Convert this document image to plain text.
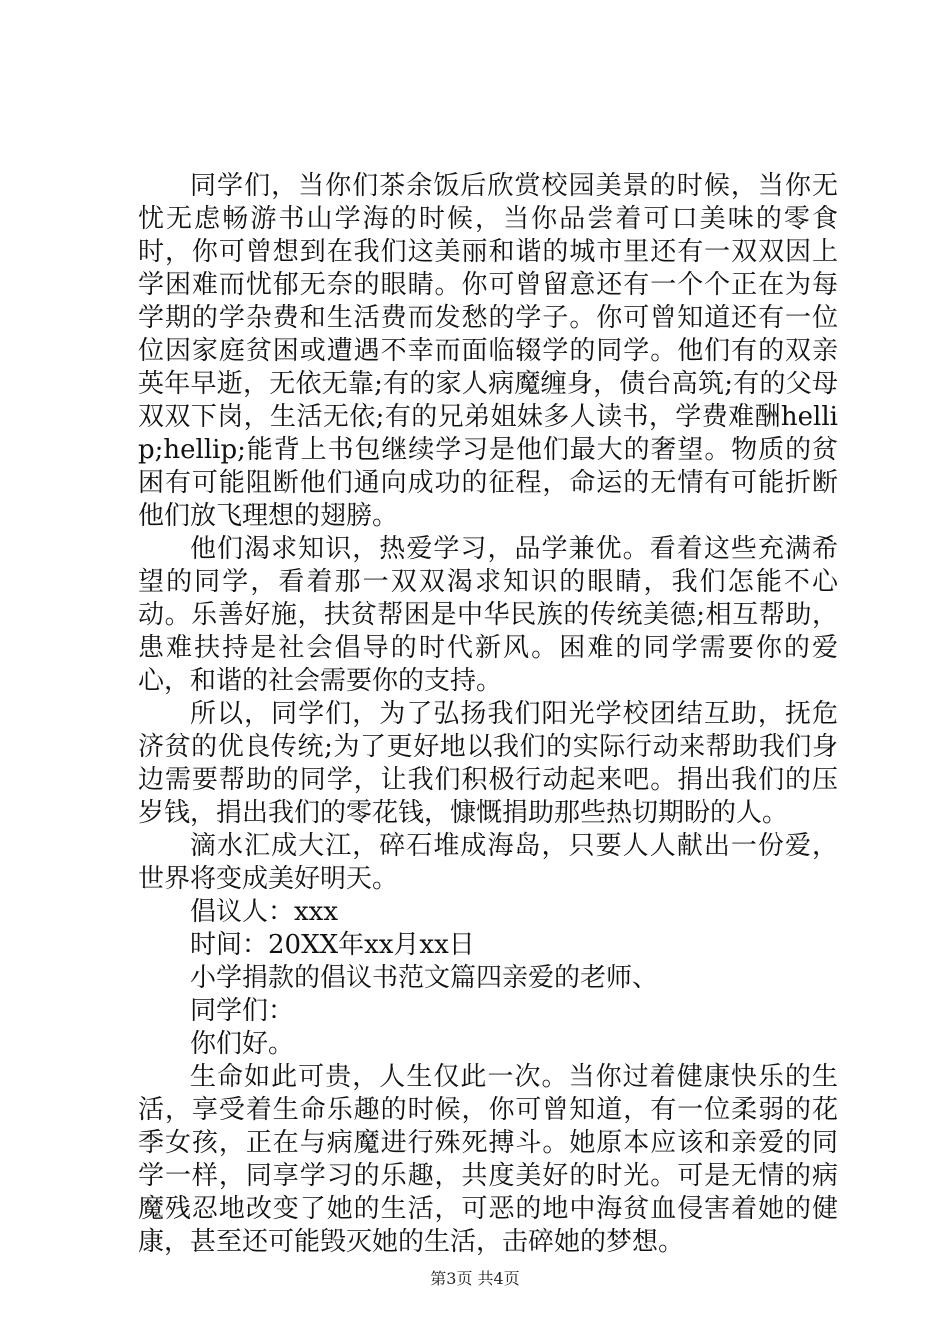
同学们，当你们茶余饭后欣赏校园美景的时候，当你无忧无虑畅游书山学海的时候，当你品尝着可口美味的零食时，你可曾想到在我们这美丽和谐的城市里还有一双双因上学困难而忧郁无奈的眼睛。你可曾留意还有一个个正在为每学期的学杂费和生活费而发愁的学子。你可曾知道还有一位位因家庭贫困或遭遇不幸而面临辍学的同学。他们有的双亲英年早逝，无依无靠;有的家人病魔缠身，债台高筑;有的父母双双下岗，生活无依;有的兄弟姐妹多人读书，学费难酬hellip;hellip;能背上书包继续学习是他们最大的奢望。物质的贫困有可能阻断他们通向成功的征程，命运的无情有可能折断他们放飞理想的翅膀。

他们渴求知识，热爱学习，品学兼优。看着这些充满希望的同学，看着那一双双渴求知识的眼睛，我们怎能不心动。乐善好施，扶贫帮困是中华民族的传统美德;相互帮助，患难扶持是社会倡导的时代新风。困难的同学需要你的爱心，和谐的社会需要你的支持。

所以，同学们，为了弘扬我们阳光学校团结互助，抚危济贫的优良传统;为了更好地以我们的实际行动来帮助我们身边需要帮助的同学，让我们积极行动起来吧。捐出我们的压岁钱，捐出我们的零花钱，慷慨捐助那些热切期盼的人。

滴水汇成大江，碎石堆成海岛，只要人人献出一份爱，世界将变成美好明天。

倡议人：xxx

时间：20XX年xx月xx日

小学捐款的倡议书范文篇四亲爱的老师、

同学们：

你们好。

生命如此可贵，人生仅此一次。当你过着健康快乐的生活，享受着生命乐趣的时候，你可曾知道，有一位柔弱的花季女孩，正在与病魔进行殊死搏斗。她原本应该和亲爱的同学一样，同享学习的乐趣，共度美好的时光。可是无情的病魔残忍地改变了她的生活，可恶的地中海贫血侵害着她的健康，甚至还可能毁灭她的生活，击碎她的梦想。

第3页 共4页
